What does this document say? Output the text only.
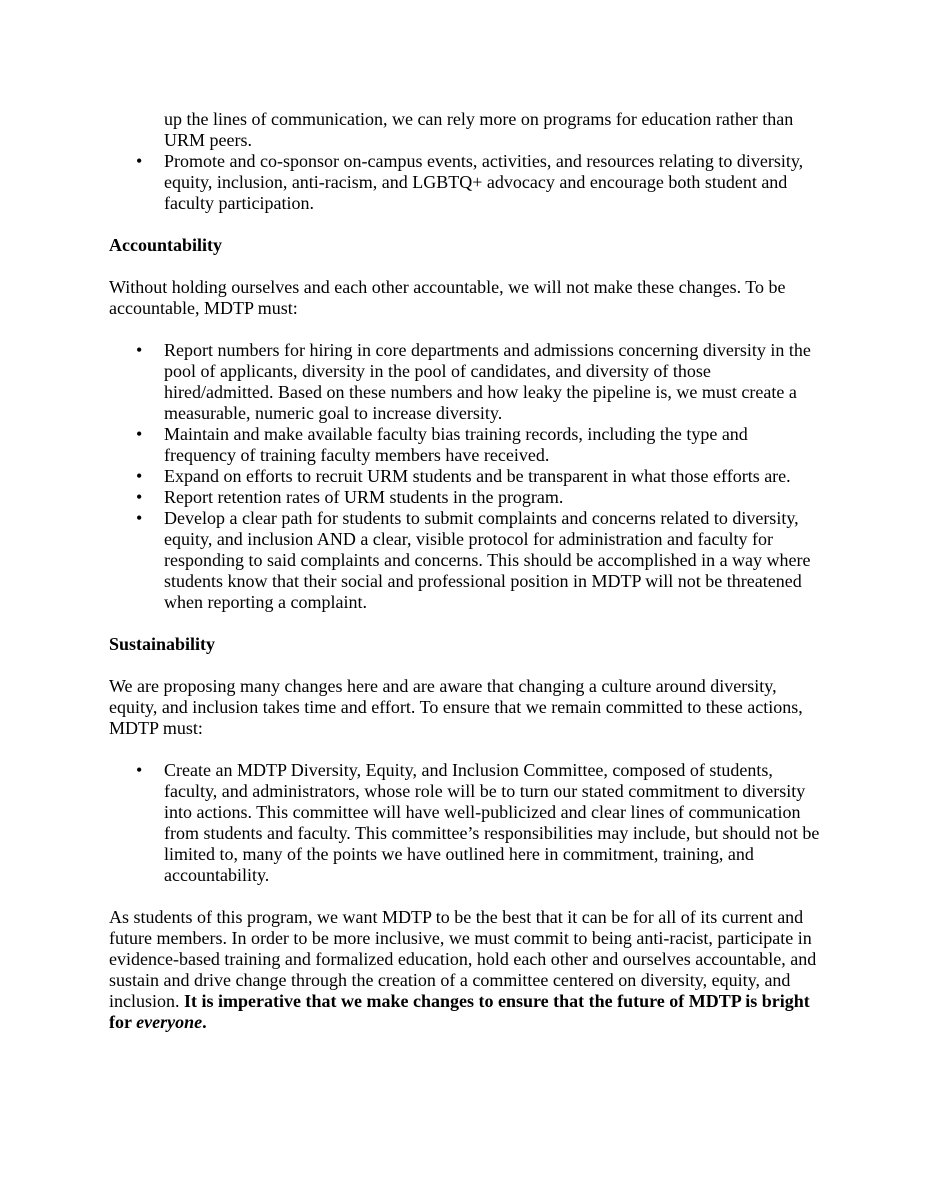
up the lines of communication, we can rely more on programs for education rather than URM peers.
• Promote and co-sponsor on-campus events, activities, and resources relating to diversity, equity, inclusion, anti-racism, and LGBTQ+ advocacy and encourage both student and faculty participation.

Accountability

Without holding ourselves and each other accountable, we will not make these changes. To be accountable, MDTP must:

• Report numbers for hiring in core departments and admissions concerning diversity in the pool of applicants, diversity in the pool of candidates, and diversity of those hired/admitted. Based on these numbers and how leaky the pipeline is, we must create a measurable, numeric goal to increase diversity.
• Maintain and make available faculty bias training records, including the type and frequency of training faculty members have received.
• Expand on efforts to recruit URM students and be transparent in what those efforts are.
• Report retention rates of URM students in the program.
• Develop a clear path for students to submit complaints and concerns related to diversity, equity, and inclusion AND a clear, visible protocol for administration and faculty for responding to said complaints and concerns. This should be accomplished in a way where students know that their social and professional position in MDTP will not be threatened when reporting a complaint.

Sustainability

We are proposing many changes here and are aware that changing a culture around diversity, equity, and inclusion takes time and effort. To ensure that we remain committed to these actions, MDTP must:

• Create an MDTP Diversity, Equity, and Inclusion Committee, composed of students, faculty, and administrators, whose role will be to turn our stated commitment to diversity into actions. This committee will have well-publicized and clear lines of communication from students and faculty. This committee’s responsibilities may include, but should not be limited to, many of the points we have outlined here in commitment, training, and accountability.

As students of this program, we want MDTP to be the best that it can be for all of its current and future members. In order to be more inclusive, we must commit to being anti-racist, participate in evidence-based training and formalized education, hold each other and ourselves accountable, and sustain and drive change through the creation of a committee centered on diversity, equity, and inclusion. It is imperative that we make changes to ensure that the future of MDTP is bright for everyone.
